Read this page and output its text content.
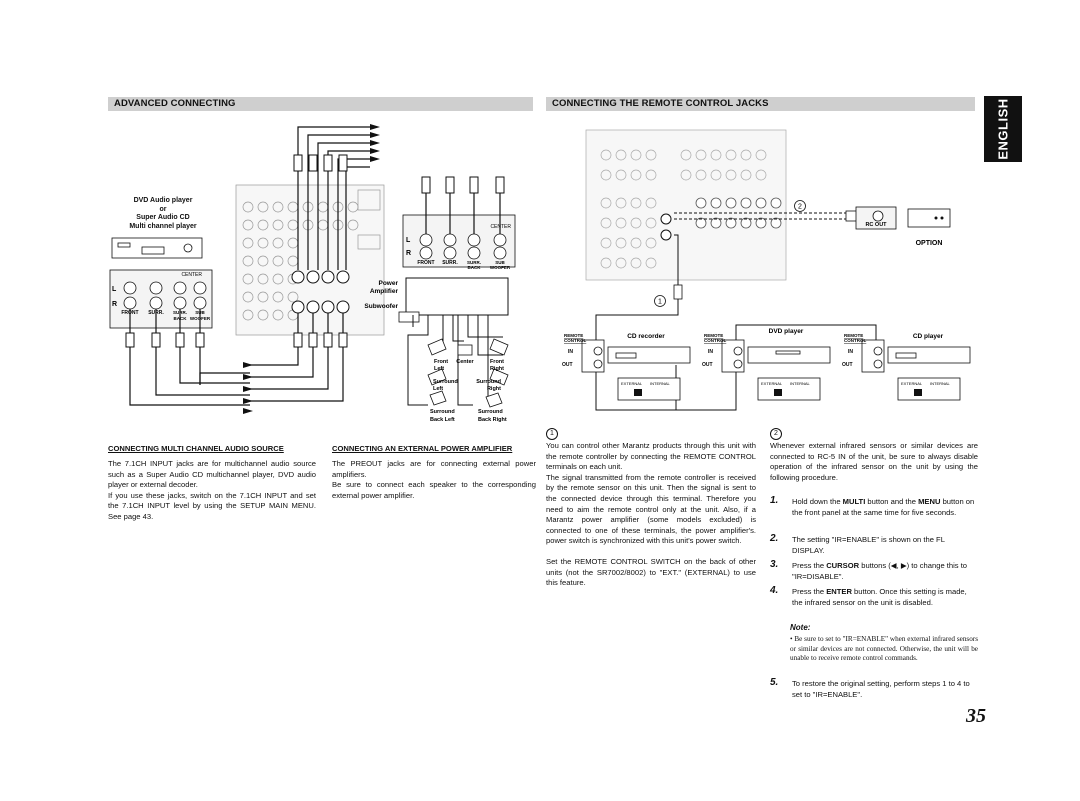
ADVANCED CONNECTING
CENTER
L
R
FRONT SURR. SURR.
BACK
SUB
WOOFER
CENTER
L
R
FRONT SURR. SURR.
BACK
SUB
WOOFER
Power
Amplifier
Subwoofer
Front
Left
Center	Front
Right
Surround
Left
Surround
Right
Surround
Back Left
Surround
Back Right
DVD Audio player
or
Super Audio CD
Multi channel player
CONNECTING MULTI CHANNEL AUDIO SOURCE

The 7.1CH INPUT jacks are for multichannel audio source such as a Super Audio CD multichannel player, DVD audio player or external decoder.

If you use these jacks, switch on the 7.1CH INPUT and set the 7.1CH INPUT level by using the SETUP MAIN MENU. See page 43.

CONNECTING AN EXTERNAL POWER AMPLIFIER

The PREOUT jacks are for connecting external power amplifiers.

Be sure to connect each speaker to the corresponding external power amplifier.

CONNECTING THE REMOTE CONTROL JACKS
2
RC OUT
OPTION
1
REMOTE
CONTROL
REMOTE
CONTROL
REMOTE
CONTROL
CD recorder
DVD player
CD player
IN
OUT
IN
OUT
IN
OUT
EXTERNAL INTERNAL	EXTERNAL INTERNAL	EXTERNAL INTERNAL
1

You can control other Marantz products through this unit with the remote controller by connecting the REMOTE CONTROL terminals on each unit.

The signal transmitted from the remote controller is received by the remote sensor on this unit. Then the signal is sent to the connected device through this terminal. Therefore you need to aim the remote control only at the unit. Also, if a Marantz power amplifier (some models excluded) is connected to one of these terminals, the power amplifier's. power switch is synchronized with this unit's power switch.

Set the REMOTE CONTROL SWITCH on the back of other units (not the SR7002/8002) to "EXT." (EXTERNAL) to use this feature.

2

Whenever external infrared sensors or similar devices are connected to RC-5 IN of the unit, be sure to always disable operation of the infrared sensor on the unit by using the following procedure.

1. Hold down the MULTI button and the MENU button on the front panel at the same time for five seconds.
2. The setting "IR=ENABLE" is shown on the FL DISPLAY.
3. Press the CURSOR buttons (◀, ▶) to change this to "IR=DISABLE".
4. Press the ENTER button. Once this setting is made, the infrared sensor on the unit is disabled.
Note:
• Be sure to set to "IR=ENABLE" when external infrared sensors or similar devices are not connected. Otherwise, the unit will be unable to receive remote control commands.
5. To restore the original setting, perform steps 1 to 4 to set to "IR=ENABLE".
ENGLISH
35
